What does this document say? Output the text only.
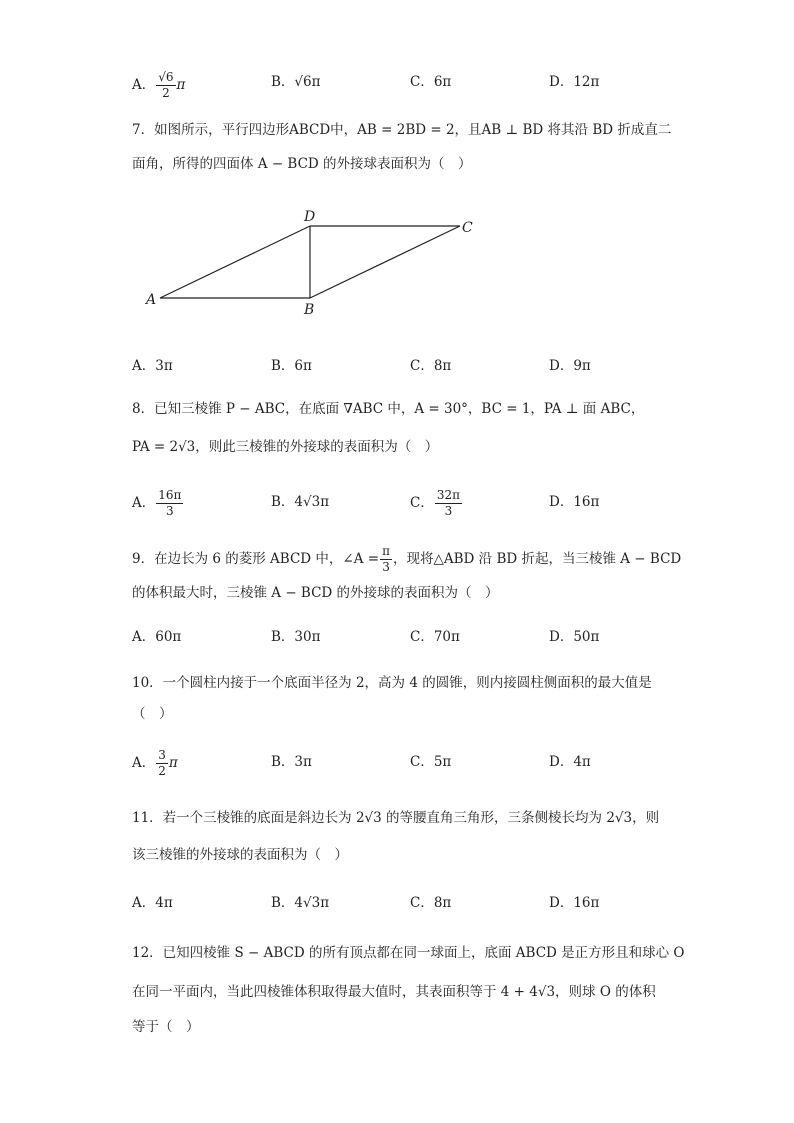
A． $\frac{√6}{2}$ π	B．√6π	C．6π	D．12π
7．如图所示，平行四边形ABCD中，AB = 2BD = 2，且AB ⊥ BD 将其沿 BD 折成直二
面角，所得的四面体 A − BCD 的外接球表面积为（　）
A
B
C
D
A．3π	B．6π	C．8π	D．9π
8．已知三棱锥 P − ABC，在底面 ∇ABC 中，A = 30°，BC = 1，PA ⊥ 面 ABC，
PA = 2√3，则此三棱锥的外接球的表面积为（　）
A． $\frac{16\pi}{3}$	B．4√3π	C． $\frac{32\pi}{3}$	D．16π
9．在边长为 6 的菱形 ABCD 中，∠A = $\frac{\pi}{3}$ ，现将△ABD 沿 BD 折起，当三棱锥 A − BCD
的体积最大时，三棱锥 A − BCD 的外接球的表面积为（　）
A．60π	B．30π	C．70π	D．50π
10．一个圆柱内接于一个底面半径为 2，高为 4 的圆锥，则内接圆柱侧面积的最大值是
（　）
A． $\frac{3}{2}$ π	B．3π	C．5π	D．4π
11．若一个三棱锥的底面是斜边长为 2√3 的等腰直角三角形，三条侧棱长均为 2√3，则
该三棱锥的外接球的表面积为（　）
A．4π	B．4√3π	C．8π	D．16π
12．已知四棱锥 S − ABCD 的所有顶点都在同一球面上，底面 ABCD 是正方形且和球心 O
在同一平面内，当此四棱锥体积取得最大值时，其表面积等于 4 + 4√3，则球 O 的体积
等于（　）
